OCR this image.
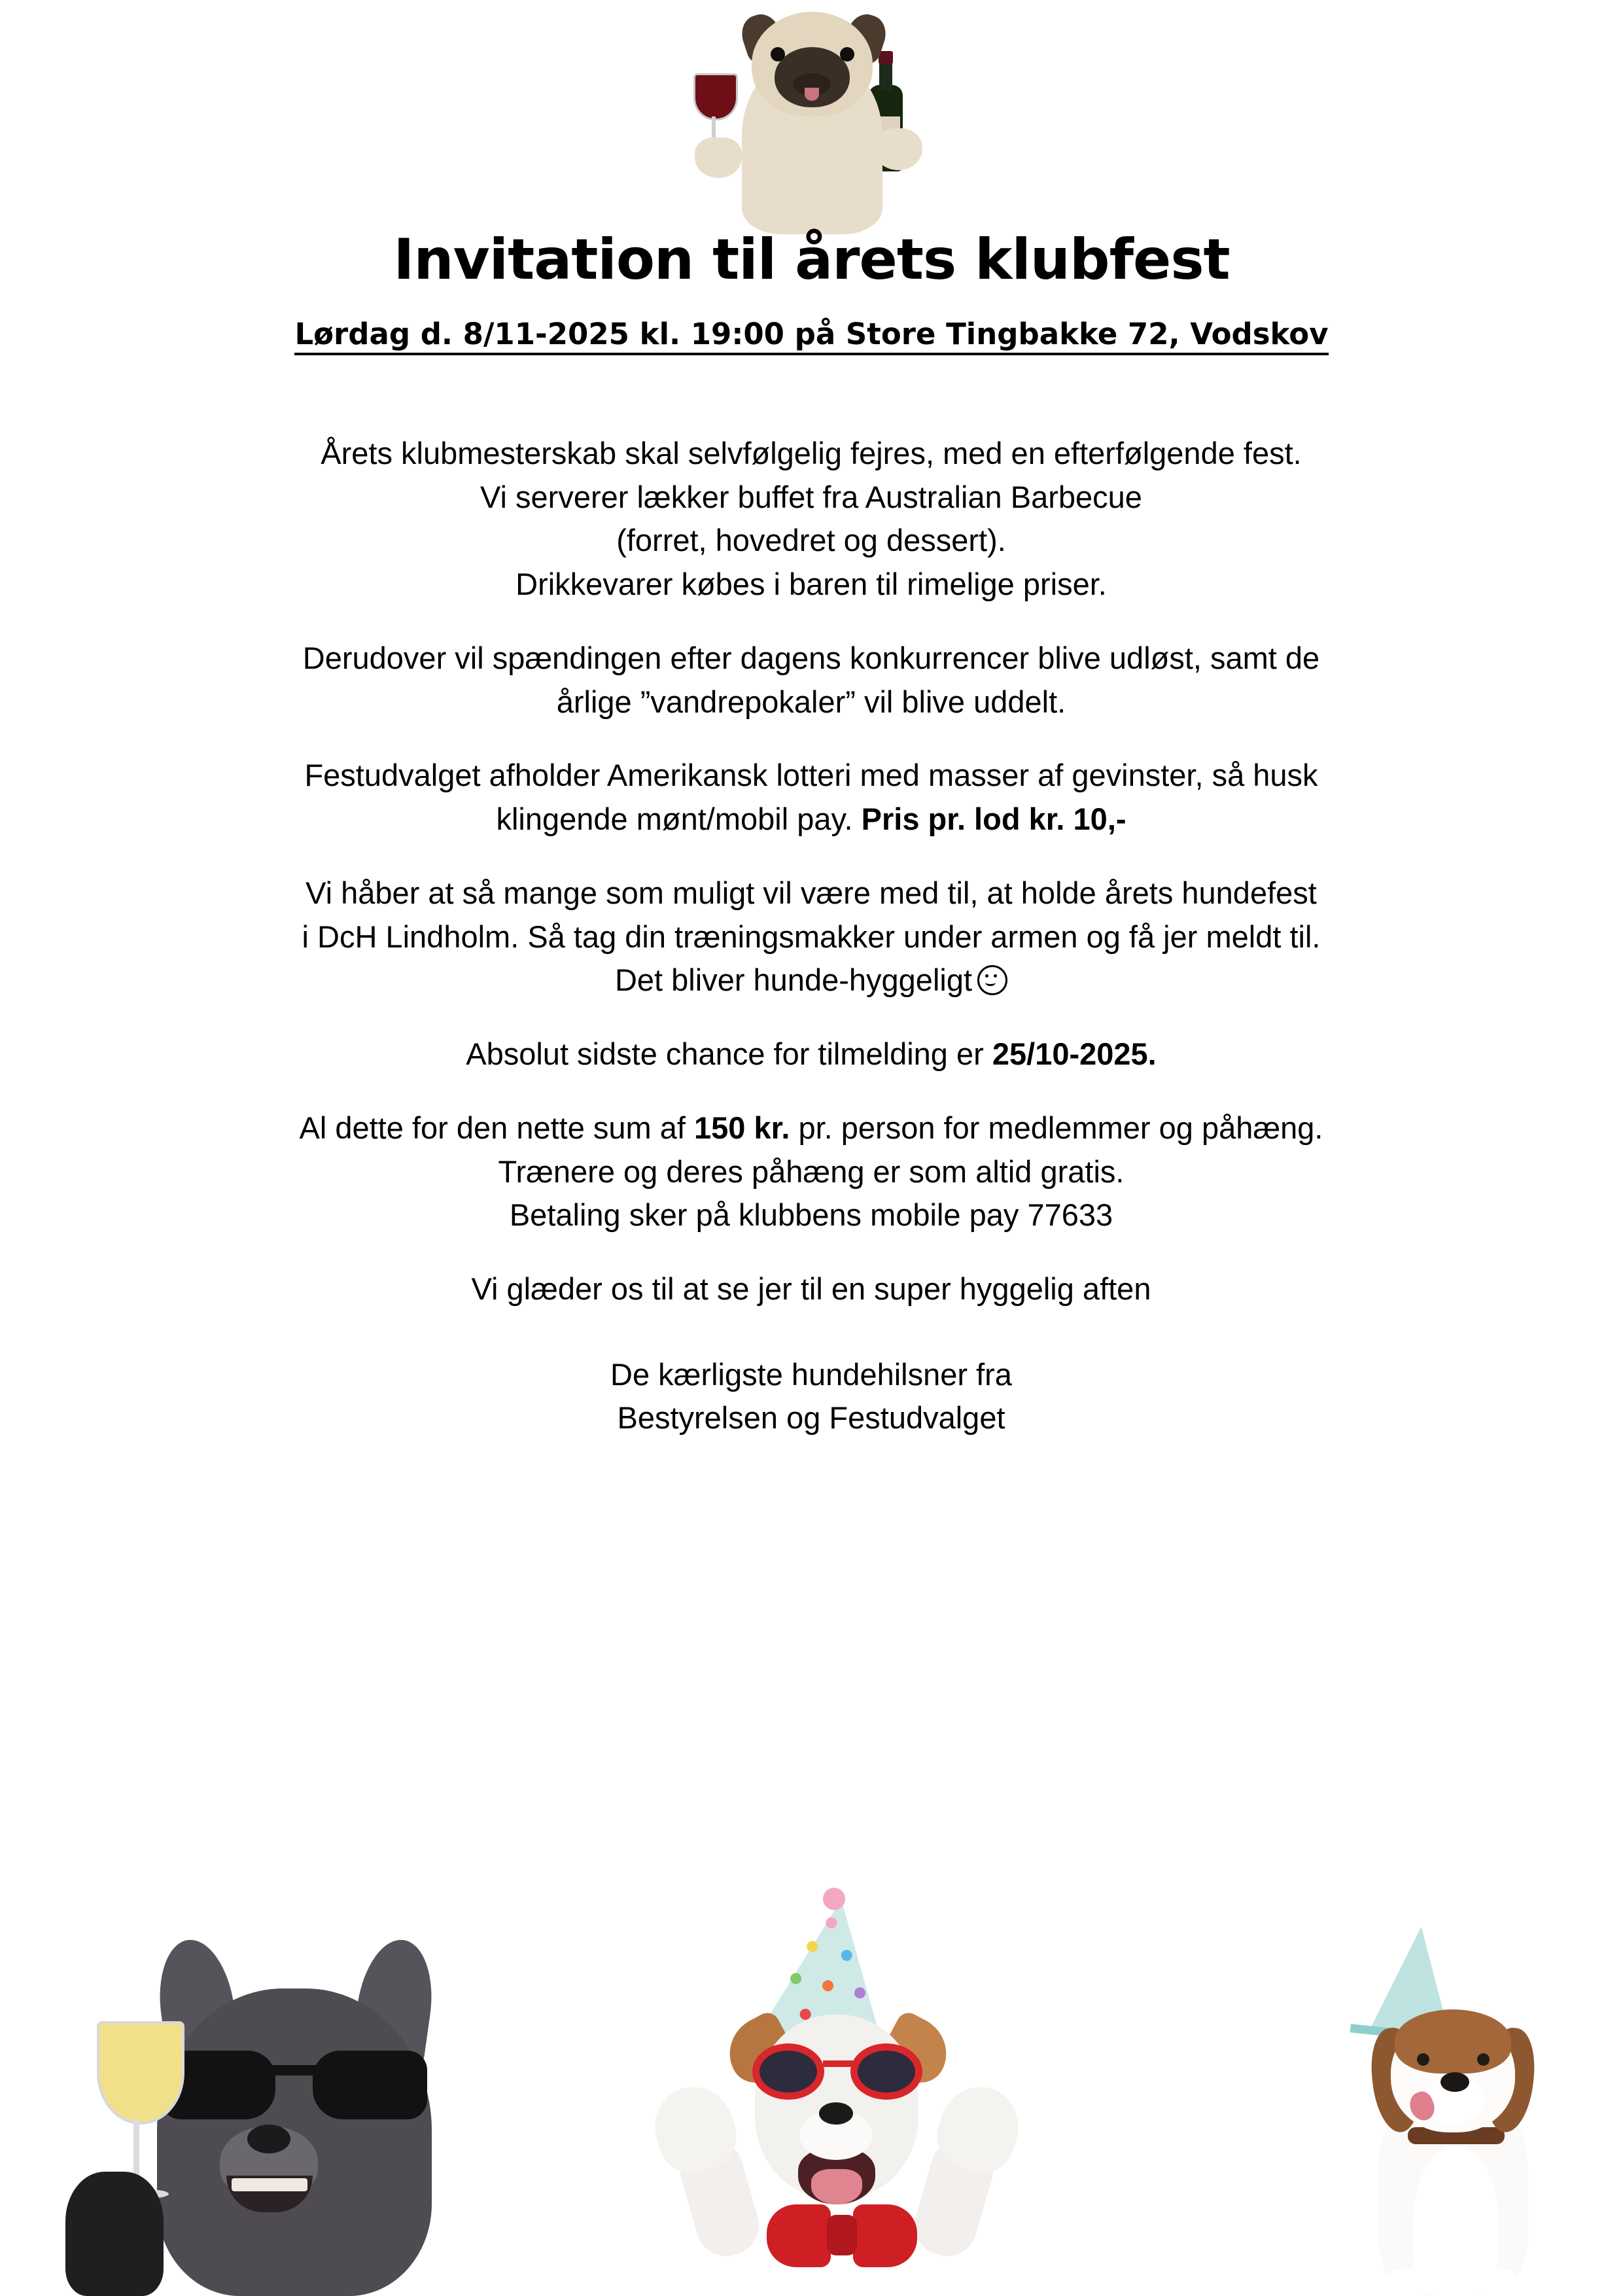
Invitation til årets klubfest
Lørdag d. 8/11-2025 kl. 19:00 på Store Tingbakke 72, Vodskov

Årets klubmesterskab skal selvfølgelig fejres, med en efterfølgende fest.
Vi serverer lækker buffet fra Australian Barbecue
(forret, hovedret og dessert).
Drikkevarer købes i baren til rimelige priser.

Derudover vil spændingen efter dagens konkurrencer blive udløst, samt de
årlige ”vandrepokaler” vil blive uddelt.

Festudvalget afholder Amerikansk lotteri med masser af gevinster, så husk
klingende mønt/mobil pay. Pris pr. lod kr. 10,-

Vi håber at så mange som muligt vil være med til, at holde årets hundefest
i DcH Lindholm. Så tag din træningsmakker under armen og få jer meldt til.
Det bliver hunde-hyggeligt

Absolut sidste chance for tilmelding er 25/10-2025.

Al dette for den nette sum af 150 kr. pr. person for medlemmer og påhæng.
Trænere og deres påhæng er som altid gratis.
Betaling sker på klubbens mobile pay 77633

Vi glæder os til at se jer til en super hyggelig aften

De kærligste hundehilsner fra
Bestyrelsen og Festudvalget
